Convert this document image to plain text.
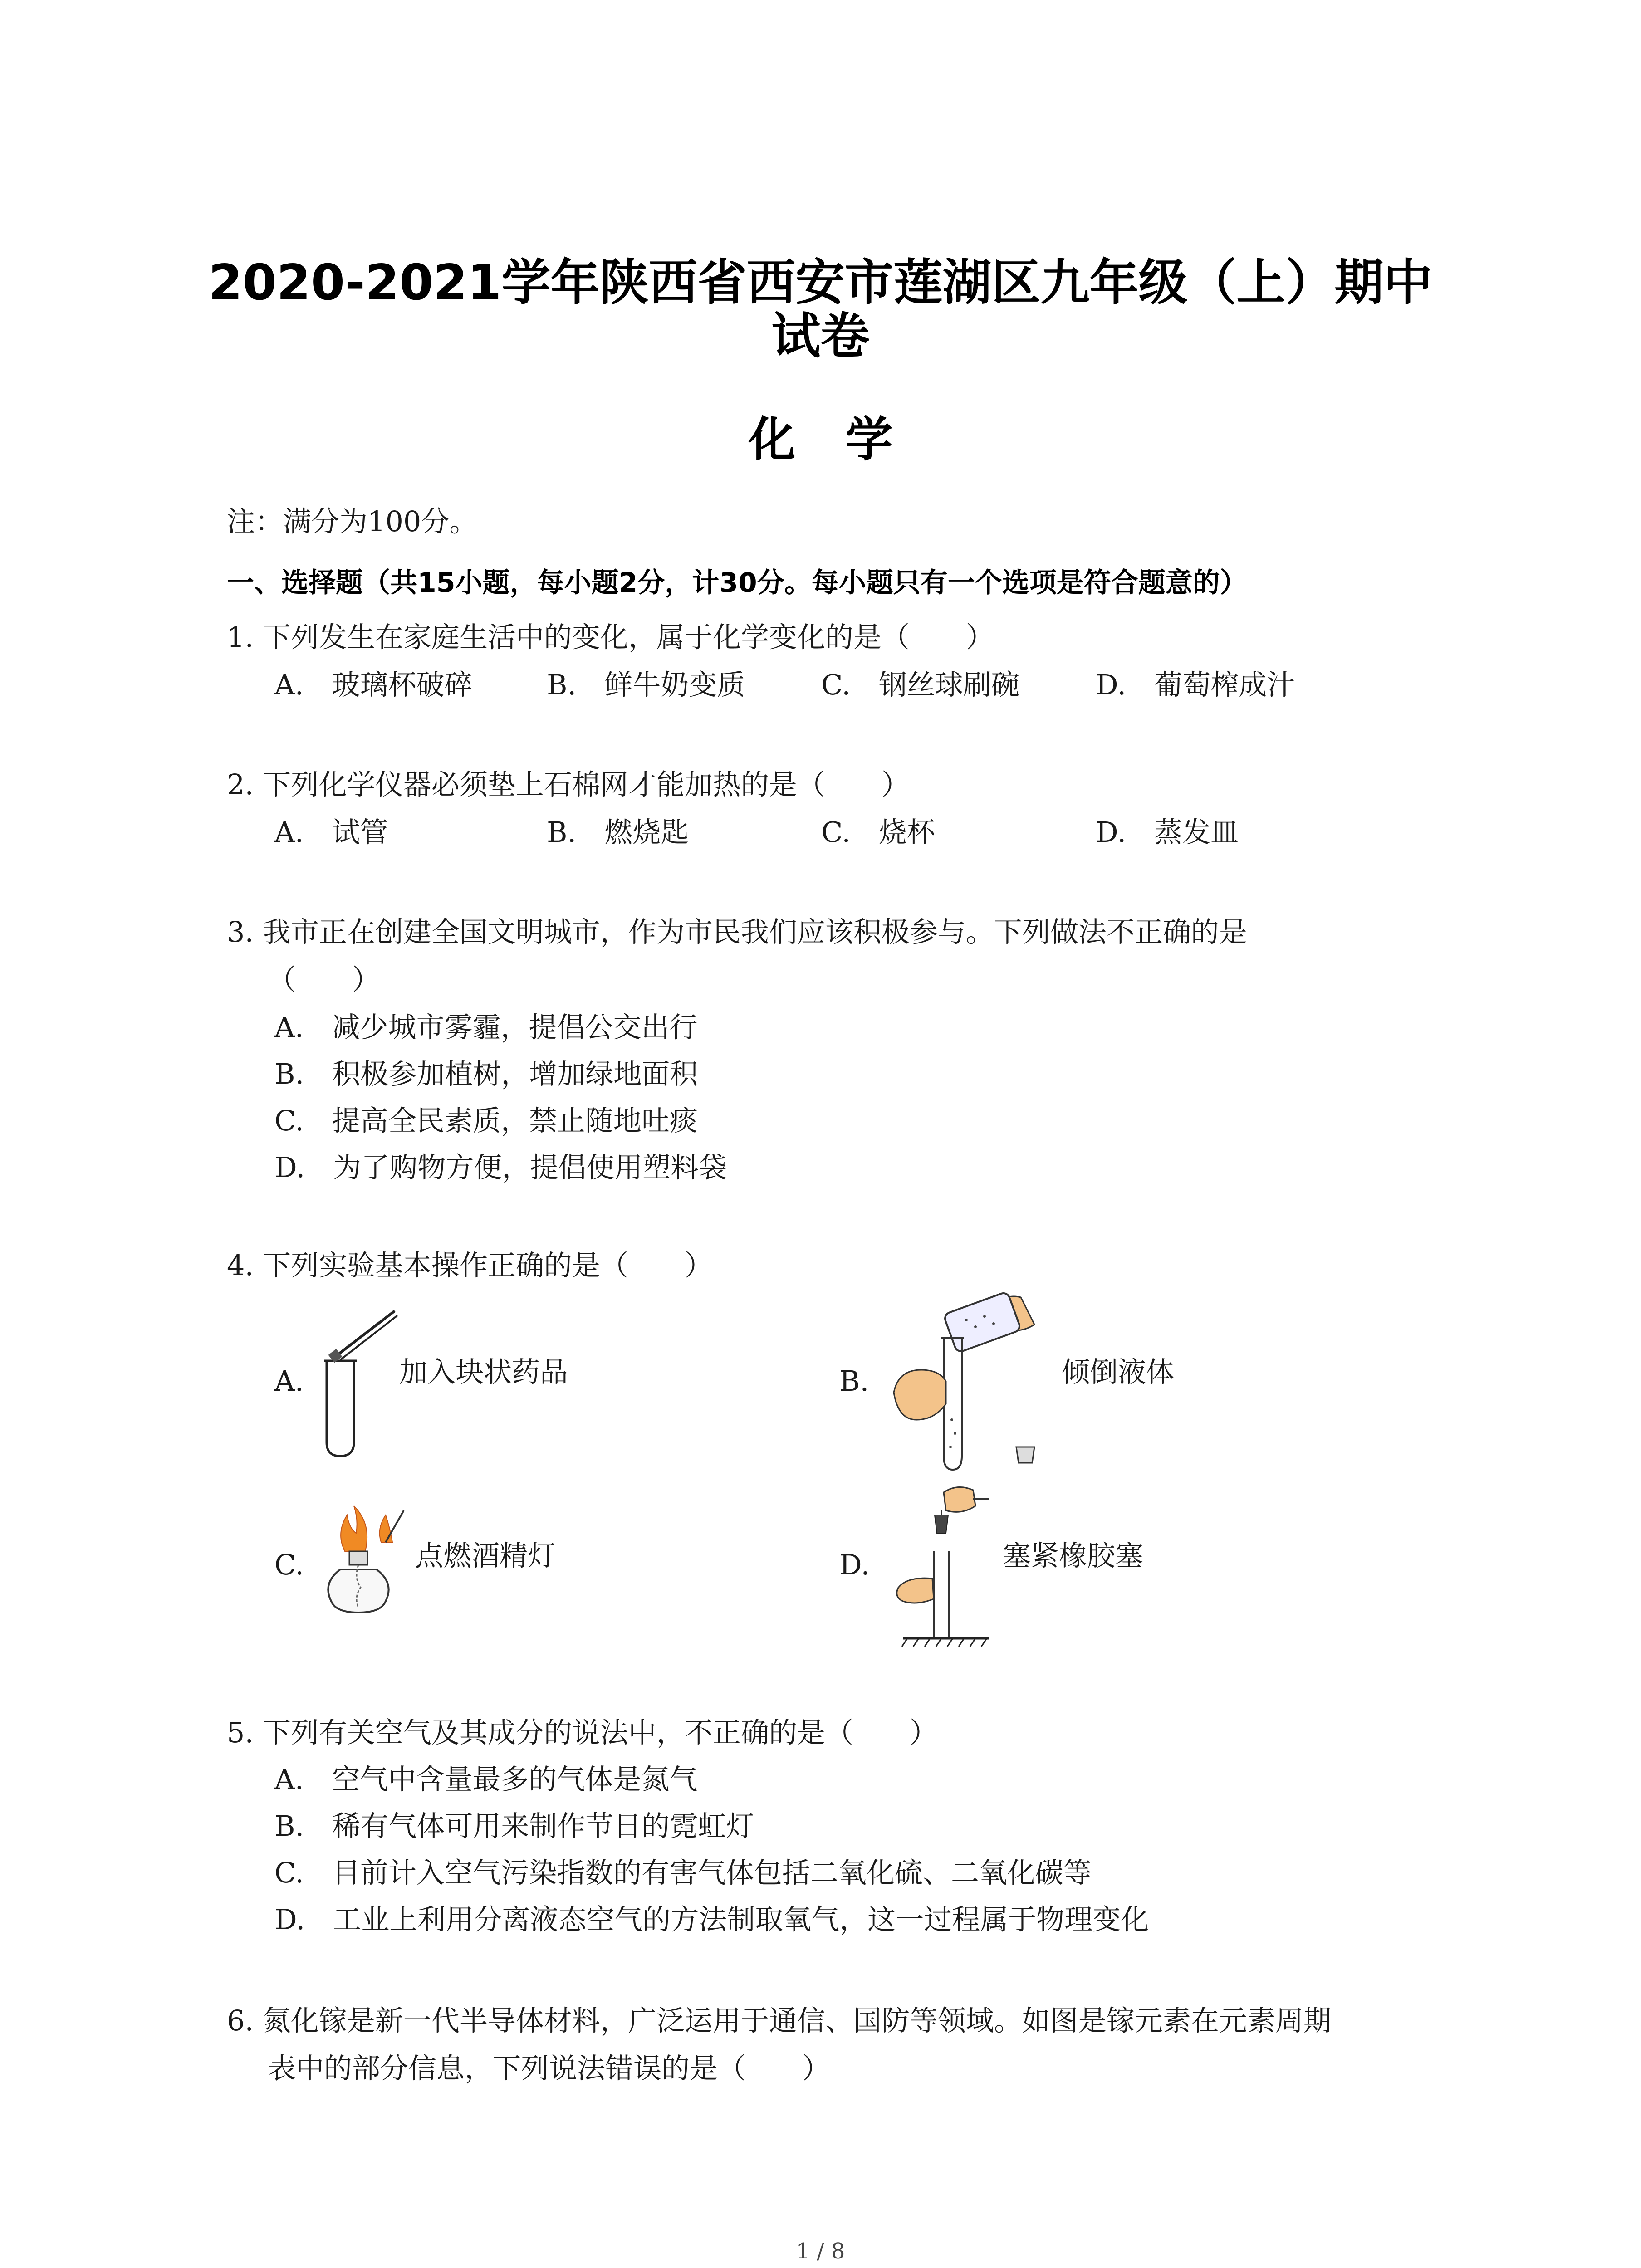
2020-2021学年陕西省西安市莲湖区九年级（上）期中
试卷
化学
注：满分为100分。
一、选择题（共15小题，每小题2分，计30分。每小题只有一个选项是符合题意的）
1. 下列发生在家庭生活中的变化，属于化学变化的是（　　）
A.　玻璃杯破碎	B.　鲜牛奶变质	C.　钢丝球刷碗	D.　葡萄榨成汁
2. 下列化学仪器必须垫上石棉网才能加热的是（　　）
A.　试管	B.　燃烧匙	C.　烧杯	D.　蒸发皿
3. 我市正在创建全国文明城市，作为市民我们应该积极参与。下列做法不正确的是
（　　）
A.　减少城市雾霾，提倡公交出行
B.　积极参加植树，增加绿地面积
C.　提高全民素质，禁止随地吐痰
D.　为了购物方便，提倡使用塑料袋
4. 下列实验基本操作正确的是（　　）
A.	加入块状药品	B.	倾倒液体
C.	点燃酒精灯	D.	塞紧橡胶塞
5. 下列有关空气及其成分的说法中，不正确的是（　　）
A.　空气中含量最多的气体是氮气
B.　稀有气体可用来制作节日的霓虹灯
C.　目前计入空气污染指数的有害气体包括二氧化硫、二氧化碳等
D.　工业上利用分离液态空气的方法制取氧气，这一过程属于物理变化
6. 氮化镓是新一代半导体材料，广泛运用于通信、国防等领域。如图是镓元素在元素周期
表中的部分信息，下列说法错误的是（　　）
1 / 8
